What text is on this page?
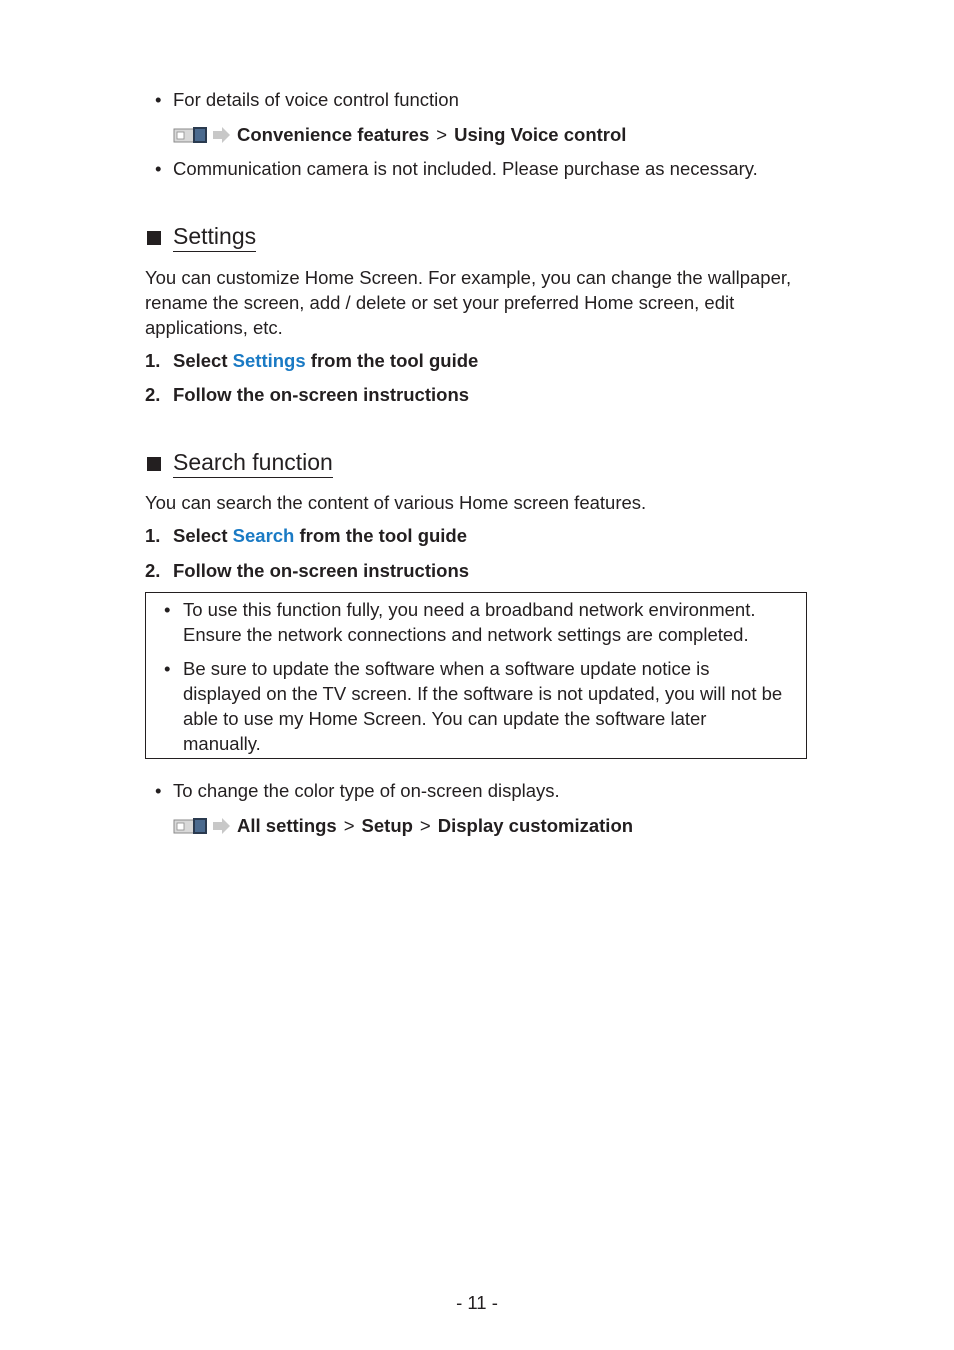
• For details of voice control function
Convenience features > Using Voice control
• Communication camera is not included. Please purchase as necessary.
Settings
You can customize Home Screen. For example, you can change the wallpaper, rename the screen, add / delete or set your preferred Home screen, edit applications, etc.
1. Select Settings from the tool guide
2. Follow the on-screen instructions
Search function
You can search the content of various Home screen features.
1. Select Search from the tool guide
2. Follow the on-screen instructions
• To use this function fully, you need a broadband network environment. Ensure the network connections and network settings are completed.
• Be sure to update the software when a software update notice is displayed on the TV screen. If the software is not updated, you will not be able to use my Home Screen. You can update the software later manually.
• To change the color type of on-screen displays.
All settings > Setup > Display customization
- 11 -
